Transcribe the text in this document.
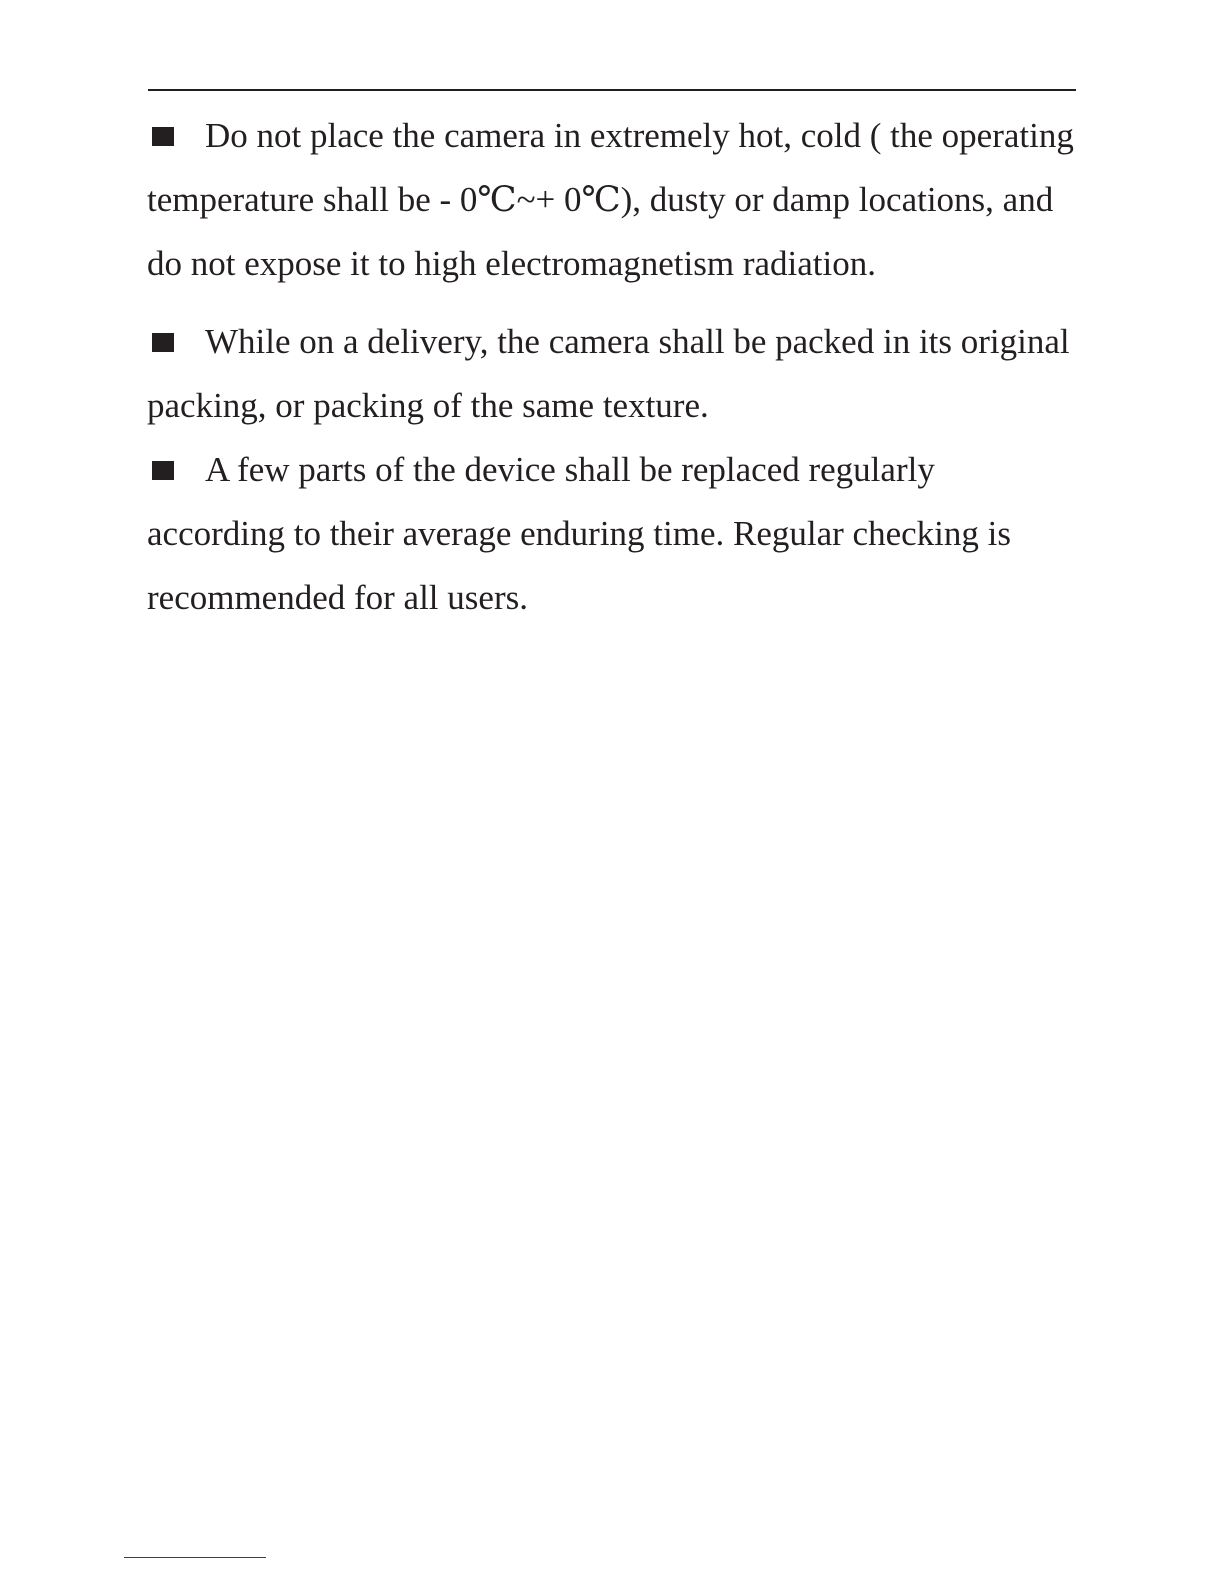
Do not place the camera in extremely hot, cold ( the operating temperature shall be - 0℃~+ 0℃), dusty or damp locations, and do not expose it to high electromagnetism radiation.

While on a delivery, the camera shall be packed in its original packing, or packing of the same texture.

A few parts of the device shall be replaced regularly according to their average enduring time. Regular checking is recommended for all users.
